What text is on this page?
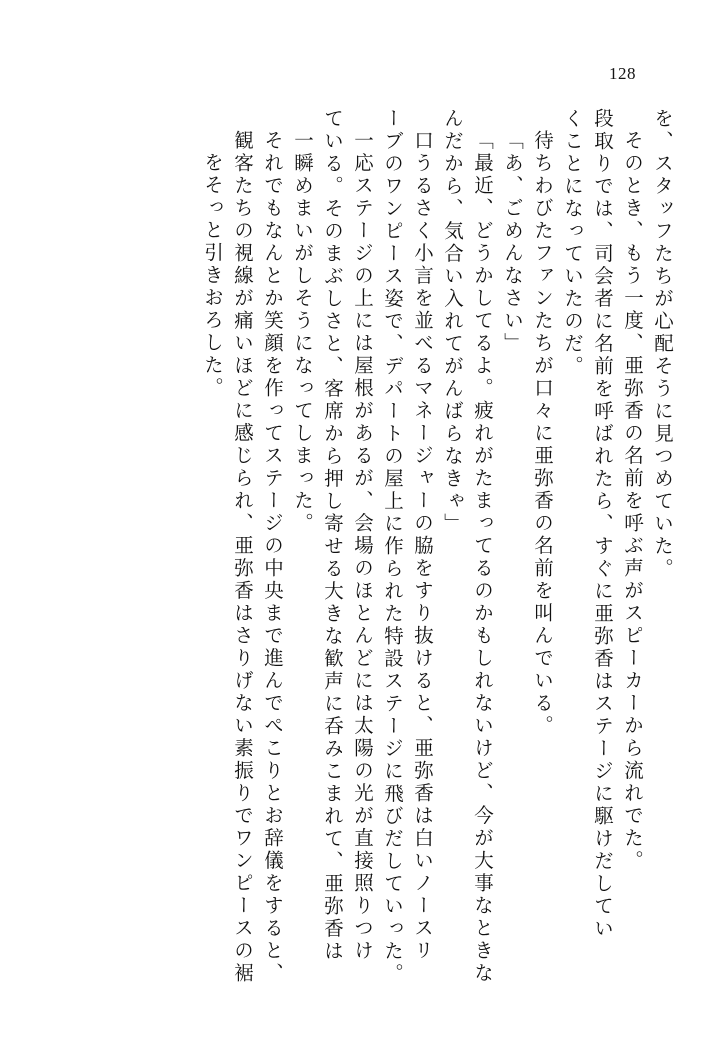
128
を、スタッフたちが心配そうに見つめていた。
そのとき、もう一度、亜弥香の名前を呼ぶ声がスピーカーから流れでた。
段取りでは、司会者に名前を呼ばれたら、すぐに亜弥香はステージに駆けだしてい
くことになっていたのだ。
待ちわびたファンたちが口々に亜弥香の名前を叫んでいる。
「あ、ごめんなさい」
「最近、どうかしてるよ。疲れがたまってるのかもしれないけど、今が大事なときな
んだから、気合い入れてがんばらなきゃ」
口うるさく小言を並べるマネージャーの脇をすり抜けると、亜弥香は白いノースリ
ーブのワンピース姿で、デパートの屋上に作られた特設ステージに飛びだしていった。
一応ステージの上には屋根があるが、会場のほとんどには太陽の光が直接照りつけ
ている。そのまぶしさと、客席から押し寄せる大きな歓声に呑みこまれて、亜弥香は
一瞬めまいがしそうになってしまった。
それでもなんとか笑顔を作ってステージの中央まで進んでぺこりとお辞儀をすると、
観客たちの視線が痛いほどに感じられ、亜弥香はさりげない素振りでワンピースの裾
をそっと引きおろした。
